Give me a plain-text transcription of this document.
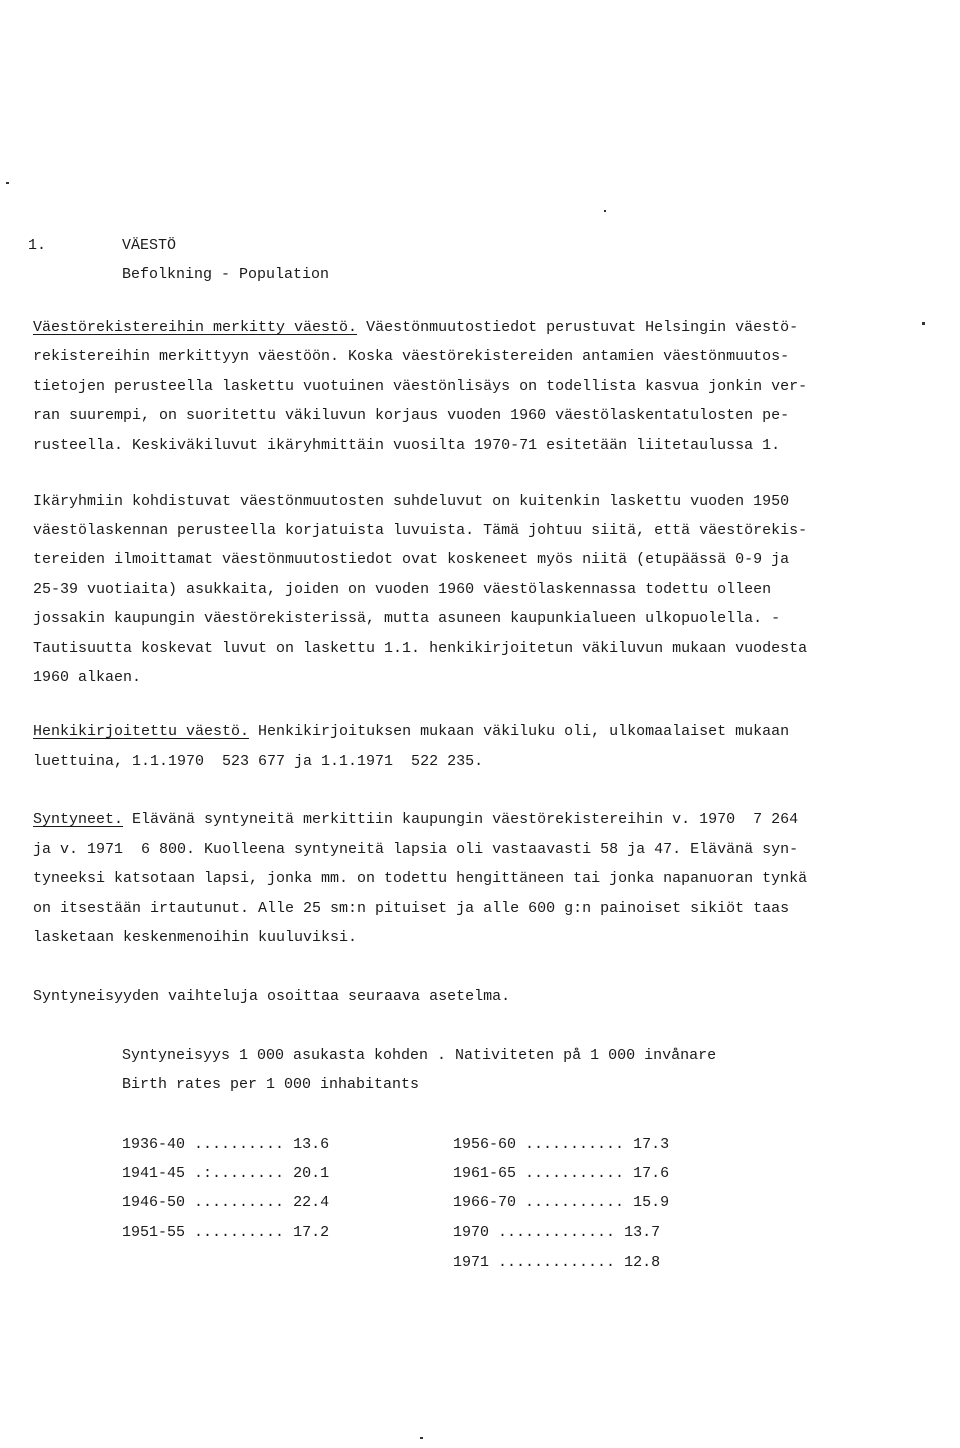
1.	VÄESTÖ
Befolkning - Population
Väestörekistereihin merkitty väestö. Väestönmuutostiedot perustuvat Helsingin väestö-
rekistereihin merkittyyn väestöön. Koska väestörekistereiden antamien väestönmuutos-
tietojen perusteella laskettu vuotuinen väestönlisäys on todellista kasvua jonkin ver-
ran suurempi, on suoritettu väkiluvun korjaus vuoden 1960 väestölaskentatulosten pe-
rusteella. Keskiväkiluvut ikäryhmittäin vuosilta 1970-71 esitetään liitetaulussa 1.
Ikäryhmiin kohdistuvat väestönmuutosten suhdeluvut on kuitenkin laskettu vuoden 1950
väestölaskennan perusteella korjatuista luvuista. Tämä johtuu siitä, että väestörekis-
tereiden ilmoittamat väestönmuutostiedot ovat koskeneet myös niitä (etupäässä 0-9 ja
25-39 vuotiaita) asukkaita, joiden on vuoden 1960 väestölaskennassa todettu olleen
jossakin kaupungin väestörekisterissä, mutta asuneen kaupunkialueen ulkopuolella. -
Tautisuutta koskevat luvut on laskettu 1.1. henkikirjoitetun väkiluvun mukaan vuodesta
1960 alkaen.
Henkikirjoitettu väestö. Henkikirjoituksen mukaan väkiluku oli, ulkomaalaiset mukaan
luettuina, 1.1.1970  523 677 ja 1.1.1971  522 235.
Syntyneet. Elävänä syntyneitä merkittiin kaupungin väestörekistereihin v. 1970  7 264
ja v. 1971  6 800. Kuolleena syntyneitä lapsia oli vastaavasti 58 ja 47. Elävänä syn-
tyneeksi katsotaan lapsi, jonka mm. on todettu hengittäneen tai jonka napanuoran tynkä
on itsestään irtautunut. Alle 25 sm:n pituiset ja alle 600 g:n painoiset sikiöt taas
lasketaan keskenmenoihin kuuluviksi.
Syntyneisyyden vaihteluja osoittaa seuraava asetelma.
Syntyneisyys 1 000 asukasta kohden . Nativiteten på 1 000 invånare
Birth rates per 1 000 inhabitants
1936-40 .......... 13.6
1941-45 .:........ 20.1
1946-50 .......... 22.4
1951-55 .......... 17.2
1956-60 ........... 17.3
1961-65 ........... 17.6
1966-70 ........... 15.9
1970 ............. 13.7
1971 ............. 12.8
